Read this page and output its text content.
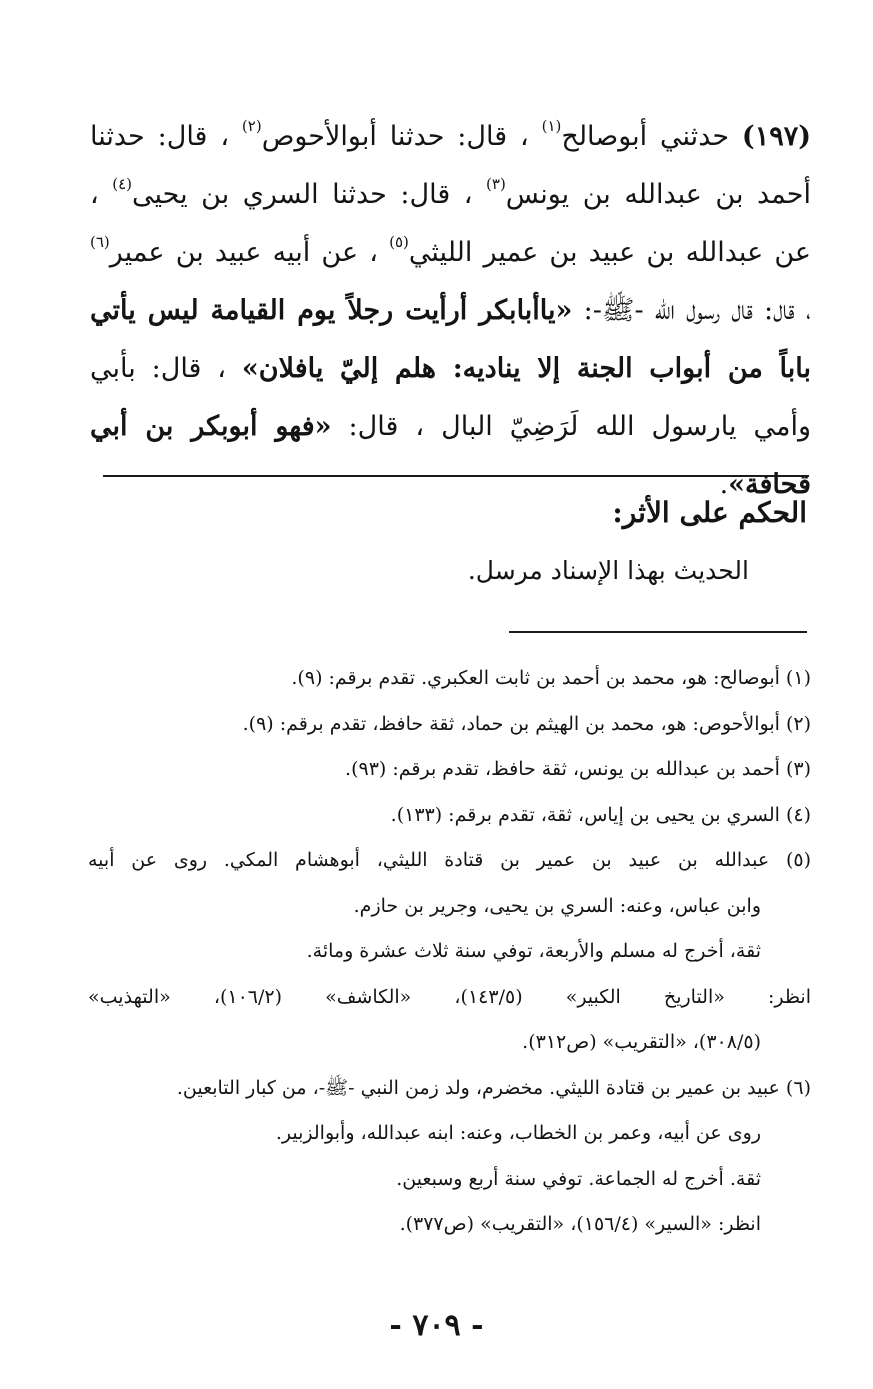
(١٩٧) حدثني أبوصالح$^{(١)}$ ، قال: حدثنا أبوالأحوص$^{(٢)}$ ، قال: حدثنا أحمد بن عبدالله بن يونس$^{(٣)}$ ، قال: حدثنا السري بن يحيى$^{(٤)}$ ، عن عبدالله بن عبيد بن عمير الليثي$^{(٥)}$ ، عن أبيه عبيد بن عمير$^{(٦)}$ ، قال: قال رسول الله -ﷺ-: «ياأبابكر أرأيت رجلاً يوم القيامة ليس يأتي باباً من أبواب الجنة إلا يناديه: هلم إليّ يافلان» ، قال: بأبي وأمي يارسول الله لَرَضِيّ البال ، قال: «فهو أبوبكر بن أبي قحافة».
الحكم على الأثر:
الحديث بهذا الإسناد مرسل.
(١) أبوصالح: هو، محمد بن أحمد بن ثابت العكبري. تقدم برقم: (٩).
(٢) أبوالأحوص: هو، محمد بن الهيثم بن حماد، ثقة حافظ، تقدم برقم: (٩).
(٣) أحمد بن عبدالله بن يونس، ثقة حافظ، تقدم برقم: (٩٣).
(٤) السري بن يحيى بن إياس، ثقة، تقدم برقم: (١٣٣).
(٥) عبدالله بن عبيد بن عمير بن قتادة الليثي، أبوهشام المكي. روى عن أبيه
وابن عباس، وعنه: السري بن يحيى، وجرير بن حازم.
ثقة، أخرج له مسلم والأربعة، توفي سنة ثلاث عشرة ومائة.
انظر: «التاريخ الكبير» (١٤٣/٥)، «الكاشف» (١٠٦/٢)، «التهذيب»
(٣٠٨/٥)، «التقريب» (ص٣١٢).
(٦) عبيد بن عمير بن قتادة الليثي. مخضرم، ولد زمن النبي -ﷺ-، من كبار التابعين.
روى عن أبيه، وعمر بن الخطاب، وعنه: ابنه عبدالله، وأبوالزبير.
ثقة. أخرج له الجماعة. توفي سنة أربع وسبعين.
انظر: «السير» (١٥٦/٤)، «التقريب» (ص٣٧٧).
- ٧٠٩ -
